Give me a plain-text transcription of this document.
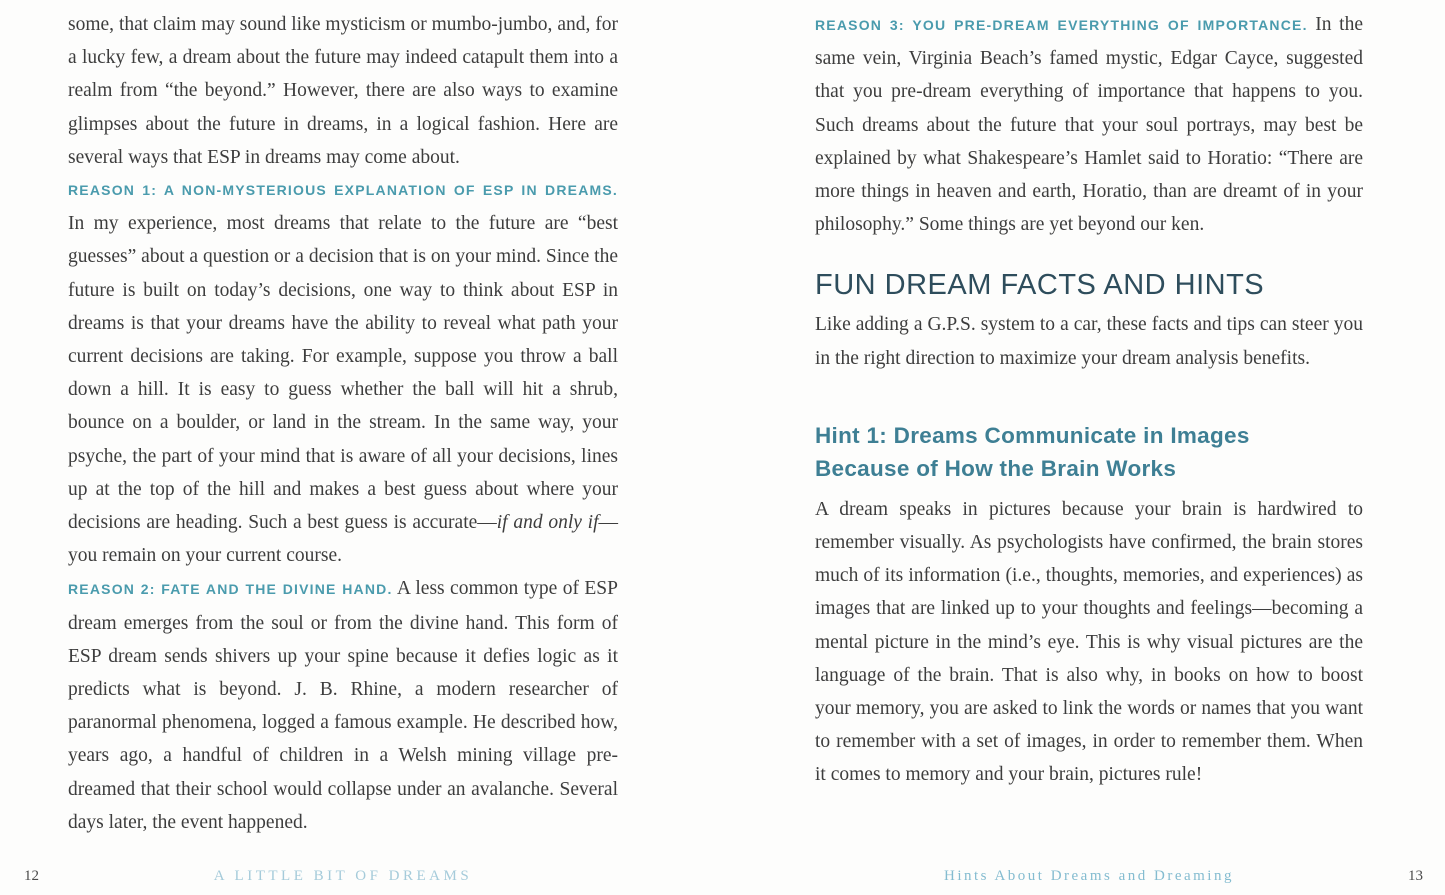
some, that claim may sound like mysticism or mumbo-jumbo, and, for a lucky few, a dream about the future may indeed catapult them into a realm from “the beyond.” However, there are also ways to examine glimpses about the future in dreams, in a logical fashion. Here are several ways that ESP in dreams may come about.

REASON 1: A NON-MYSTERIOUS EXPLANATION OF ESP IN DREAMS.
In my experience, most dreams that relate to the future are “best guesses” about a question or a decision that is on your mind. Since the future is built on today’s decisions, one way to think about ESP in dreams is that your dreams have the ability to reveal what path your current decisions are taking. For example, suppose you throw a ball down a hill. It is easy to guess whether the ball will hit a shrub, bounce on a boulder, or land in the stream. In the same way, your psyche, the part of your mind that is aware of all your decisions, lines up at the top of the hill and makes a best guess about where your decisions are heading. Such a best guess is accurate—if and only if—you remain on your current course.

REASON 2: FATE AND THE DIVINE HAND. A less common type of ESP dream emerges from the soul or from the divine hand. This form of ESP dream sends shivers up your spine because it defies logic as it predicts what is beyond. J. B. Rhine, a modern researcher of paranormal phenomena, logged a famous example. He described how, years ago, a handful of children in a Welsh mining village pre-dreamed that their school would collapse under an avalanche. Several days later, the event happened.

REASON 3: YOU PRE-DREAM EVERYTHING OF IMPORTANCE. In the same vein, Virginia Beach’s famed mystic, Edgar Cayce, suggested that you pre-dream everything of importance that happens to you. Such dreams about the future that your soul portrays, may best be explained by what Shakespeare’s Hamlet said to Horatio: “There are more things in heaven and earth, Horatio, than are dreamt of in your philosophy.” Some things are yet beyond our ken.

FUN DREAM FACTS AND HINTS

Like adding a G.P.S. system to a car, these facts and tips can steer you in the right direction to maximize your dream analysis benefits.

Hint 1: Dreams Communicate in Images
Because of How the Brain Works

A dream speaks in pictures because your brain is hardwired to remember visually. As psychologists have confirmed, the brain stores much of its information (i.e., thoughts, memories, and experiences) as images that are linked up to your thoughts and feelings—becoming a mental picture in the mind’s eye. This is why visual pictures are the language of the brain. That is also why, in books on how to boost your memory, you are asked to link the words or names that you want to remember with a set of images, in order to remember them. When it comes to memory and your brain, pictures rule!

12	A LITTLE BIT OF DREAMS	Hints About Dreams and Dreaming	13
